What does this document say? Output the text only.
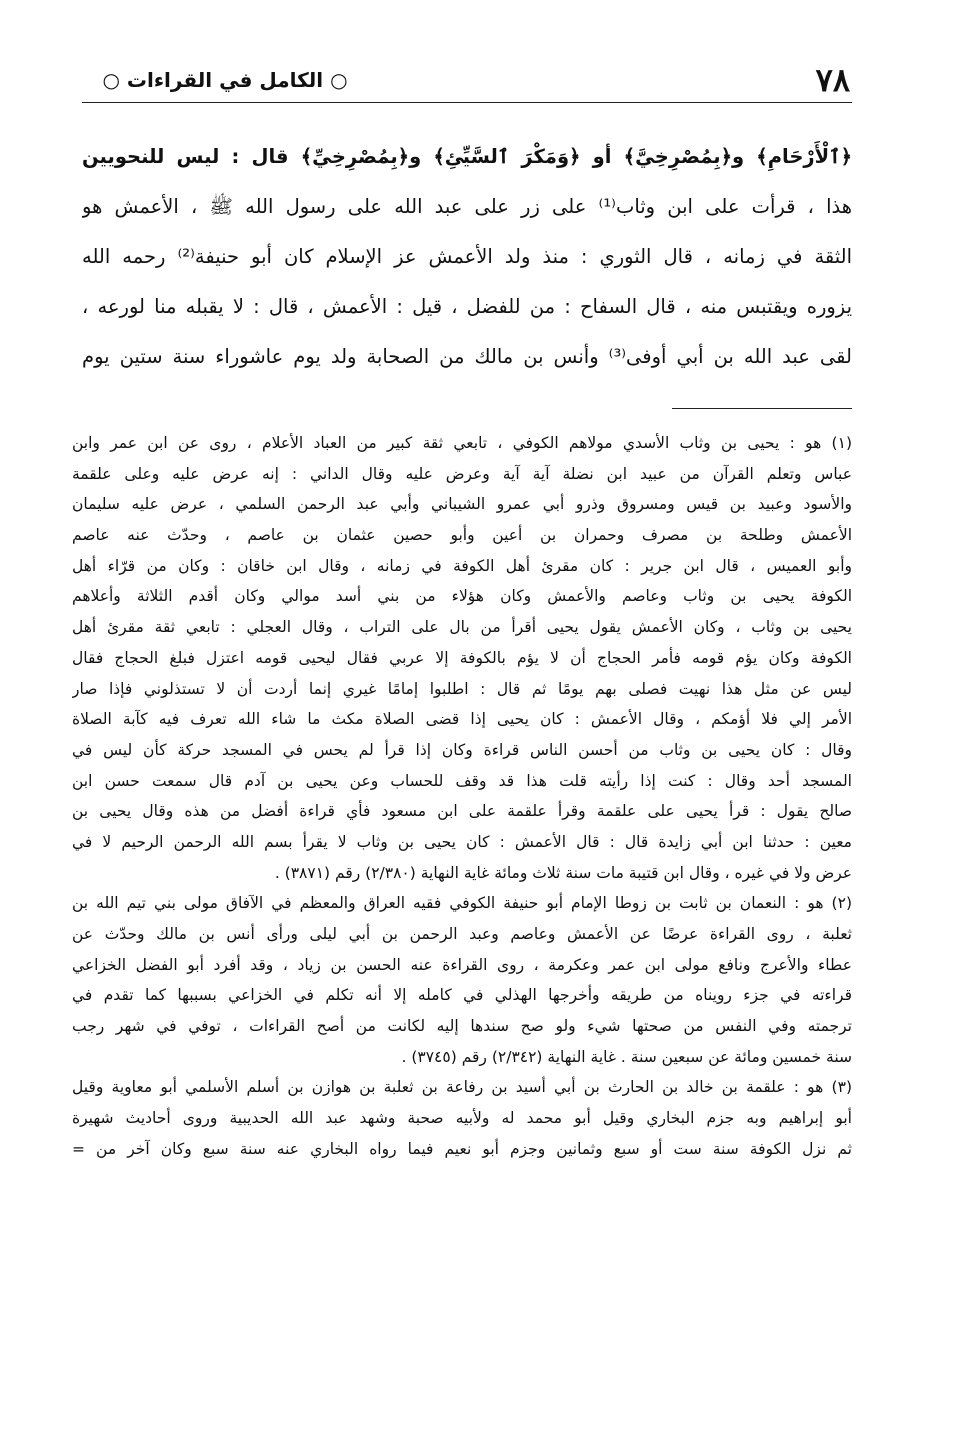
٧٨
○ الكامل في القراءات ○
﴿ٱلْأَرْحَامِ﴾ و﴿بِمُصْرِخِيَّ﴾ أو ﴿وَمَكْرَ ٱلسَّيِّئِ﴾ و﴿بِمُصْرِخِيِّ﴾ قال : ليس للنحويين
هذا ، قرأت على ابن وثاب⁽¹⁾ على زر على عبد الله على رسول الله ﷺ ، الأعمش هو
الثقة في زمانه ، قال الثوري : منذ ولد الأعمش عز الإسلام كان أبو حنيفة⁽²⁾ رحمه الله
يزوره ويقتبس منه ، قال السفاح : من للفضل ، قيل : الأعمش ، قال : لا يقبله منا لورعه ،
لقى عبد الله بن أبي أوفى⁽³⁾ وأنس بن مالك من الصحابة ولد يوم عاشوراء سنة ستين يوم
(١) هو : يحيى بن وثاب الأسدي مولاهم الكوفي ، تابعي ثقة كبير من العباد الأعلام ، روى عن ابن عمر وابن
عباس وتعلم القرآن من عبيد ابن نضلة آية آية وعرض عليه وقال الداني : إنه عرض عليه وعلى علقمة
والأسود وعبيد بن قيس ومسروق وذرو أبي عمرو الشيباني وأبي عبد الرحمن السلمي ، عرض عليه سليمان
الأعمش وطلحة بن مصرف وحمران بن أعين وأبو حصين عثمان بن عاصم ، وحدّث عنه عاصم
وأبو العميس ، قال ابن جرير : كان مقرئ أهل الكوفة في زمانه ، وقال ابن خاقان : وكان من قرّاء أهل
الكوفة يحيى بن وثاب وعاصم والأعمش وكان هؤلاء من بني أسد موالي وكان أقدم الثلاثة وأعلاهم
يحيى بن وثاب ، وكان الأعمش يقول يحيى أقرأ من بال على التراب ، وقال العجلي : تابعي ثقة مقرئ أهل
الكوفة وكان يؤم قومه فأمر الحجاج أن لا يؤم بالكوفة إلا عربي فقال ليحيى قومه اعتزل فبلغ الحجاج فقال
ليس عن مثل هذا نهيت فصلى بهم يومًا ثم قال : اطلبوا إمامًا غيري إنما أردت أن لا تستذلوني فإذا صار
الأمر إلي فلا أؤمكم ، وقال الأعمش : كان يحيى إذا قضى الصلاة مكث ما شاء الله تعرف فيه كآبة الصلاة
وقال : كان يحيى بن وثاب من أحسن الناس قراءة وكان إذا قرأ لم يحس في المسجد حركة كأن ليس في
المسجد أحد وقال : كنت إذا رأيته قلت هذا قد وقف للحساب وعن يحيى بن آدم قال سمعت حسن ابن
صالح يقول : قرأ يحيى على علقمة وقرأ علقمة على ابن مسعود فأي قراءة أفضل من هذه وقال يحيى بن
معين : حدثنا ابن أبي زايدة قال : قال الأعمش : كان يحيى بن وثاب لا يقرأ بسم الله الرحمن الرحيم لا في
عرض ولا في غيره ، وقال ابن قتيبة مات سنة ثلاث ومائة غاية النهاية (٢/٣٨٠) رقم (٣٨٧١) .
(٢) هو : النعمان بن ثابت بن زوطا الإمام أبو حنيفة الكوفي فقيه العراق والمعظم في الآفاق مولى بني تيم الله بن
ثعلبة ، روى القراءة عرضًا عن الأعمش وعاصم وعبد الرحمن بن أبي ليلى ورأى أنس بن مالك وحدّث عن
عطاء والأعرج ونافع مولى ابن عمر وعكرمة ، روى القراءة عنه الحسن بن زياد ، وقد أفرد أبو الفضل الخزاعي
قراءته في جزء رويناه من طريقه وأخرجها الهذلي في كامله إلا أنه تكلم في الخزاعي بسببها كما تقدم في
ترجمته وفي النفس من صحتها شيء ولو صح سندها إليه لكانت من أصح القراءات ، توفي في شهر رجب
سنة خمسين ومائة عن سبعين سنة . غاية النهاية (٢/٣٤٢) رقم (٣٧٤٥) .
(٣) هو : علقمة بن خالد بن الحارث بن أبي أسيد بن رفاعة بن ثعلبة بن هوازن بن أسلم الأسلمي أبو معاوية وقيل
أبو إبراهيم وبه جزم البخاري وقيل أبو محمد له ولأبيه صحبة وشهد عبد الله الحديبية وروى أحاديث شهيرة
ثم نزل الكوفة سنة ست أو سبع وثمانين وجزم أبو نعيم فيما رواه البخاري عنه سنة سبع وكان آخر من =
